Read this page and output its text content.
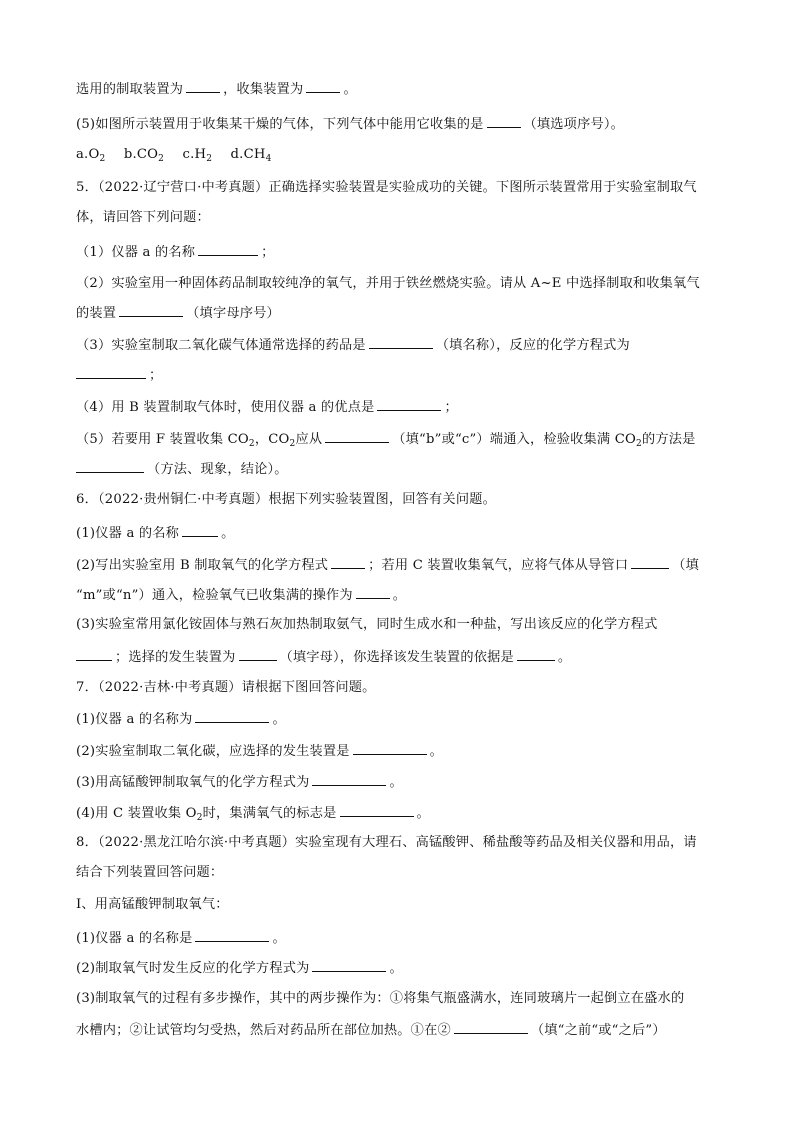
选用的制取装置为	，收集装置为	。
(5)如图所示装置用于收集某干燥的气体，下列气体中能用它收集的是	（填选项序号）。
$a.O_2$ $b.CO_2$ $c.H_2$ $d.CH_4$
5．（2022·辽宁营口·中考真题）正确选择实验装置是实验成功的关键。下图所示装置常用于实验室制取气
体，请回答下列问题：
（1）仪器 a 的名称	；
（2）实验室用一种固体药品制取较纯净的氧气，并用于铁丝燃烧实验。请从 A~E 中选择制取和收集氧气
的装置	（填字母序号）
（3）实验室制取二氧化碳气体通常选择的药品是	（填名称），反应的化学方程式为
；
（4）用 B 装置制取气体时，使用仪器 a 的优点是	；
（5）若要用 F 装置收集 $CO_2$，$CO_2$应从	（填“b”或“c”）端通入，检验收集满 $CO_2$的方法是
（方法、现象，结论）。
6．（2022·贵州铜仁·中考真题）根据下列实验装置图，回答有关问题。
(1)仪器 a 的名称	。
(2)写出实验室用 B 制取氧气的化学方程式	；若用 C 装置收集氧气，应将气体从导管口	（填
“m”或“n”）通入，检验氧气已收集满的操作为	。
(3)实验室常用氯化铵固体与熟石灰加热制取氨气，同时生成水和一种盐，写出该反应的化学方程式
；选择的发生装置为	（填字母），你选择该发生装置的依据是	。
7．（2022·吉林·中考真题）请根据下图回答问题。
(1)仪器 a 的名称为	。
(2)实验室制取二氧化碳，应选择的发生装置是	。
(3)用高锰酸钾制取氧气的化学方程式为	。
(4)用 C 装置收集 $O_2$时，集满氧气的标志是	。
8．（2022·黑龙江哈尔滨·中考真题）实验室现有大理石、高锰酸钾、稀盐酸等药品及相关仪器和用品，请
结合下列装置回答问题：
Ⅰ、用高锰酸钾制取氧气：
(1)仪器 a 的名称是	。
(2)制取氧气时发生反应的化学方程式为	。
(3)制取氧气的过程有多步操作，其中的两步操作为：①将集气瓶盛满水，连同玻璃片一起倒立在盛水的
水槽内；②让试管均匀受热，然后对药品所在部位加热。①在②	（填“之前“或“之后”）
